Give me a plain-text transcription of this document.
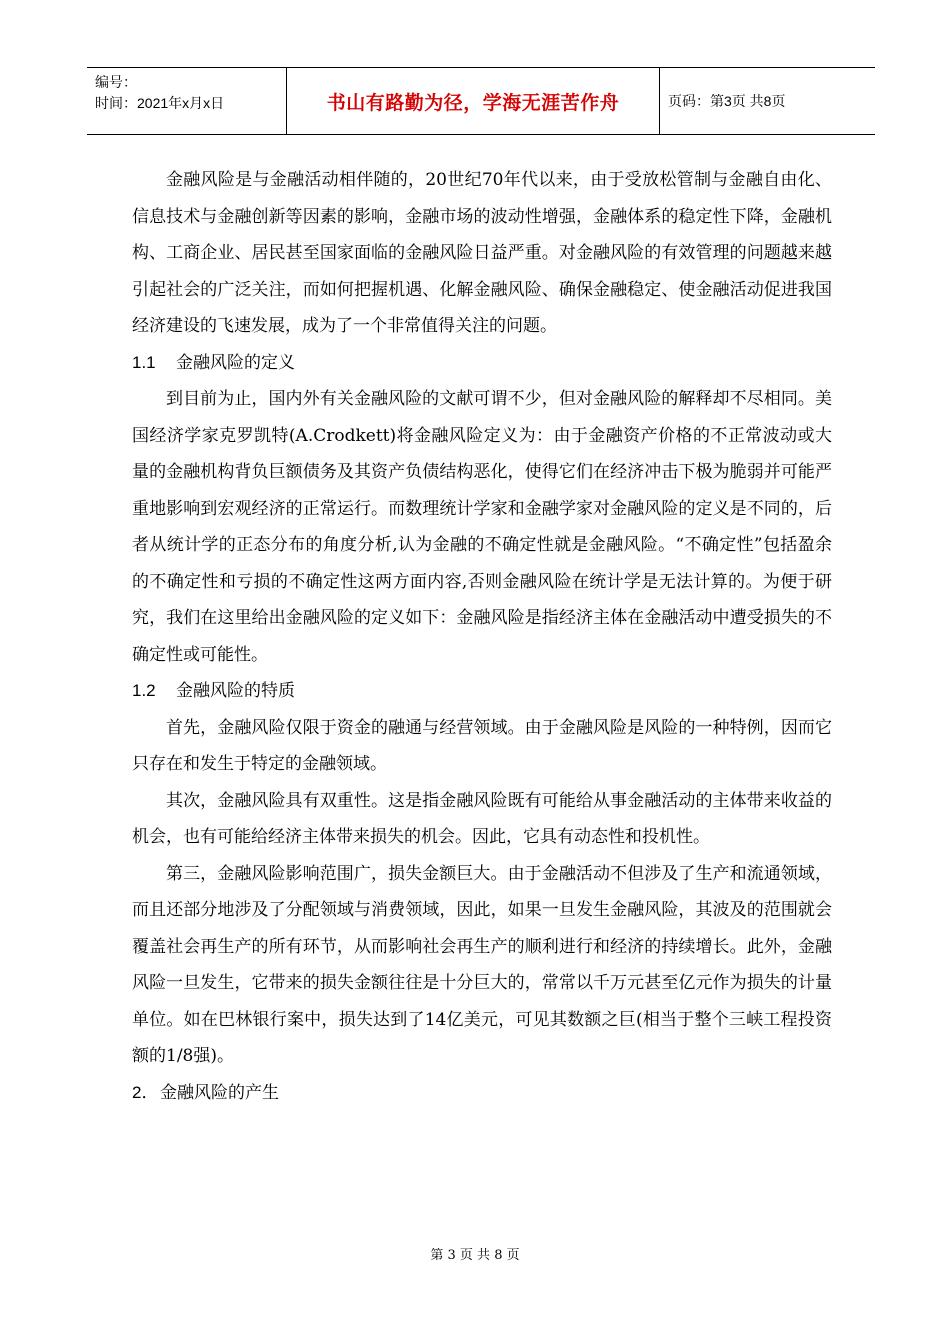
编号：
时间：2021年x月x日	书山有路勤为径，学海无涯苦作舟	页码：第3页 共8页

金融风险是与金融活动相伴随的，20世纪70年代以来，由于受放松管制与金融自由化、信息技术与金融创新等因素的影响，金融市场的波动性增强，金融体系的稳定性下降，金融机构、工商企业、居民甚至国家面临的金融风险日益严重。对金融风险的有效管理的问题越来越引起社会的广泛关注，而如何把握机遇、化解金融风险、确保金融稳定、使金融活动促进我国经济建设的飞速发展，成为了一个非常值得关注的问题。

1.1 金融风险的定义

到目前为止，国内外有关金融风险的文献可谓不少，但对金融风险的解释却不尽相同。美国经济学家克罗凯特(A.Crodkett)将金融风险定义为：由于金融资产价格的不正常波动或大量的金融机构背负巨额债务及其资产负债结构恶化，使得它们在经济冲击下极为脆弱并可能严重地影响到宏观经济的正常运行。而数理统计学家和金融学家对金融风险的定义是不同的，后者从统计学的正态分布的角度分析,认为金融的不确定性就是金融风险。“不确定性”包括盈余的不确定性和亏损的不确定性这两方面内容,否则金融风险在统计学是无法计算的。为便于研究，我们在这里给出金融风险的定义如下：金融风险是指经济主体在金融活动中遭受损失的不确定性或可能性。

1.2 金融风险的特质

首先，金融风险仅限于资金的融通与经营领域。由于金融风险是风险的一种特例，因而它只存在和发生于特定的金融领域。

其次，金融风险具有双重性。这是指金融风险既有可能给从事金融活动的主体带来收益的机会，也有可能给经济主体带来损失的机会。因此，它具有动态性和投机性。

第三，金融风险影响范围广，损失金额巨大。由于金融活动不但涉及了生产和流通领域，而且还部分地涉及了分配领域与消费领域，因此，如果一旦发生金融风险，其波及的范围就会覆盖社会再生产的所有环节，从而影响社会再生产的顺利进行和经济的持续增长。此外，金融风险一旦发生，它带来的损失金额往往是十分巨大的，常常以千万元甚至亿元作为损失的计量单位。如在巴林银行案中，损失达到了14亿美元，可见其数额之巨(相当于整个三峡工程投资额的1/8强)。

2．金融风险的产生

第 3 页 共 8 页
